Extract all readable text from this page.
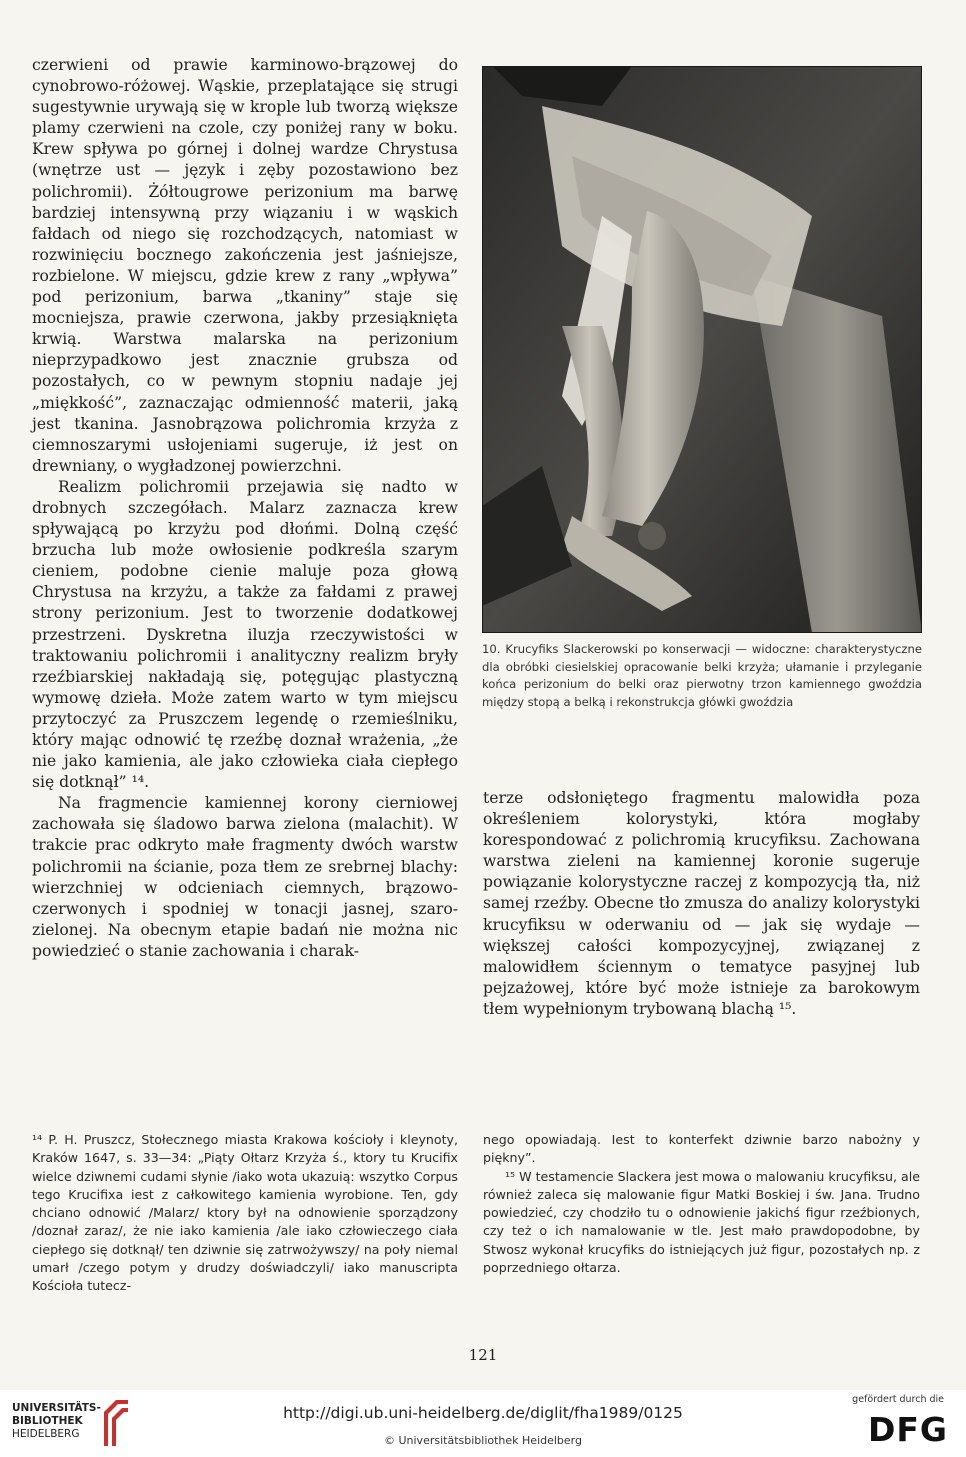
czerwieni od prawie karminowo-brązowej do cynobrowo-różowej. Wąskie, przeplatające się strugi sugestywnie urywają się w krople lub tworzą większe plamy czerwieni na czole, czy poniżej rany w boku. Krew spływa po górnej i dolnej wardze Chrystusa (wnętrze ust — język i zęby pozostawiono bez polichromii). Żółtougrowe perizonium ma barwę bardziej intensywną przy wiązaniu i w wąskich fałdach od niego się rozchodzących, natomiast w rozwinięciu bocznego zakończenia jest jaśniejsze, rozbielone. W miejscu, gdzie krew z rany „wpływa” pod perizonium, barwa „tkaniny” staje się mocniejsza, prawie czerwona, jakby przesiąknięta krwią. Warstwa malarska na perizonium nieprzypadkowo jest znacznie grubsza od pozostałych, co w pewnym stopniu nadaje jej „miękkość”, zaznaczając odmienność materii, jaką jest tkanina. Jasnobrązowa polichromia krzyża z ciemnoszarymi usłojeniami sugeruje, iż jest on drewniany, o wygładzonej powierzchni.

Realizm polichromii przejawia się nadto w drobnych szczegółach. Malarz zaznacza krew spływającą po krzyżu pod dłońmi. Dolną część brzucha lub może owłosienie podkreśla szarym cieniem, podobne cienie maluje poza głową Chrystusa na krzyżu, a także za fałdami z prawej strony perizonium. Jest to tworzenie dodatkowej przestrzeni. Dyskretna iluzja rzeczywistości w traktowaniu polichromii i analityczny realizm bryły rzeźbiarskiej nakładają się, potęgując plastyczną wymowę dzieła. Może zatem warto w tym miejscu przytoczyć za Pruszczem legendę o rzemieślniku, który mając odnowić tę rzeźbę doznał wrażenia, „że nie jako kamienia, ale jako człowieka ciała ciepłego się dotknął” ¹⁴.

Na fragmencie kamiennej korony cierniowej zachowała się śladowo barwa zielona (malachit). W trakcie prac odkryto małe fragmenty dwóch warstw polichromii na ścianie, poza tłem ze srebrnej blachy: wierzchniej w odcieniach ciemnych, brązowo-czerwonych i spodniej w tonacji jasnej, szaro-zielonej. Na obecnym etapie badań nie można nic powiedzieć o stanie zachowania i charak-

10. Krucyfiks Slackerowski po konserwacji — widoczne: charakterystyczne dla obróbki ciesielskiej opracowanie belki krzyża; ułamanie i przyleganie końca perizonium do belki oraz pierwotny trzon kamiennego gwoździa między stopą a belką i rekonstrukcja główki gwoździa

terze odsłoniętego fragmentu malowidła poza określeniem kolorystyki, która mogłaby korespondować z polichromią krucyfiksu. Zachowana warstwa zieleni na kamiennej koronie sugeruje powiązanie kolorystyczne raczej z kompozycją tła, niż samej rzeźby. Obecne tło zmusza do analizy kolorystyki krucyfiksu w oderwaniu od — jak się wydaje — większej całości kompozycyjnej, związanej z malowidłem ściennym o tematyce pasyjnej lub pejzażowej, które być może istnieje za barokowym tłem wypełnionym trybowaną blachą ¹⁵.

¹⁴ P. H. Pruszcz, Stołecznego miasta Krakowa kościoły i kleynoty, Kraków 1647, s. 33—34: „Piąty Ołtarz Krzyża ś., ktory tu Krucifix wielce dziwnemi cudami słynie /iako wota ukazuią: wszytko Corpus tego Krucifixa iest z całkowitego kamienia wyrobione. Ten, gdy chciano odnowić /Malarz/ ktory był na odnowienie sporządzony /doznał zaraz/, że nie iako kamienia /ale iako człowieczego ciała ciepłego się dotknął/ ten dziwnie się zatrwożywszy/ na poły niemal umarł /czego potym y drudzy doświadczyli/ iako manuscripta Kościoła tutecz-

nego opowiadają. Iest to konterfekt dziwnie barzo nabożny y piękny”.

¹⁵ W testamencie Slackera jest mowa o malowaniu krucyfiksu, ale również zaleca się malowanie figur Matki Boskiej i św. Jana. Trudno powiedzieć, czy chodziło tu o odnowienie jakichś figur rzeźbionych, czy też o ich namalowanie w tle. Jest mało prawdopodobne, by Stwosz wykonał krucyfiks do istniejących już figur, pozostałych np. z poprzedniego ołtarza.

121
UNIVERSITÄTS-
BIBLIOTHEK
HEIDELBERG
http://digi.ub.uni-heidelberg.de/diglit/fha1989/0125
© Universitätsbibliothek Heidelberg
gefördert durch die
DFG
